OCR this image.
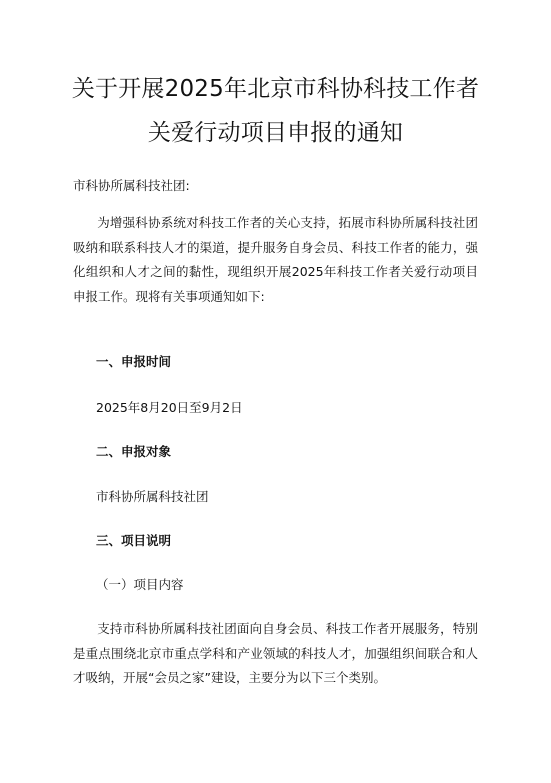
关于开展2025年北京市科协科技工作者
关爱行动项目申报的通知
市科协所属科技社团:
为增强科协系统对科技工作者的关心支持，拓展市科协所属科技社团吸纳和联系科技人才的渠道，提升服务自身会员、科技工作者的能力，强化组织和人才之间的黏性，现组织开展2025年科技工作者关爱行动项目申报工作。现将有关事项通知如下:
一、申报时间
2025年8月20日至9月2日
二、申报对象
市科协所属科技社团
三、项目说明
（一）项目内容
支持市科协所属科技社团面向自身会员、科技工作者开展服务，特别是重点围绕北京市重点学科和产业领域的科技人才，加强组织间联合和人才吸纳，开展“会员之家”建设，主要分为以下三个类别。
